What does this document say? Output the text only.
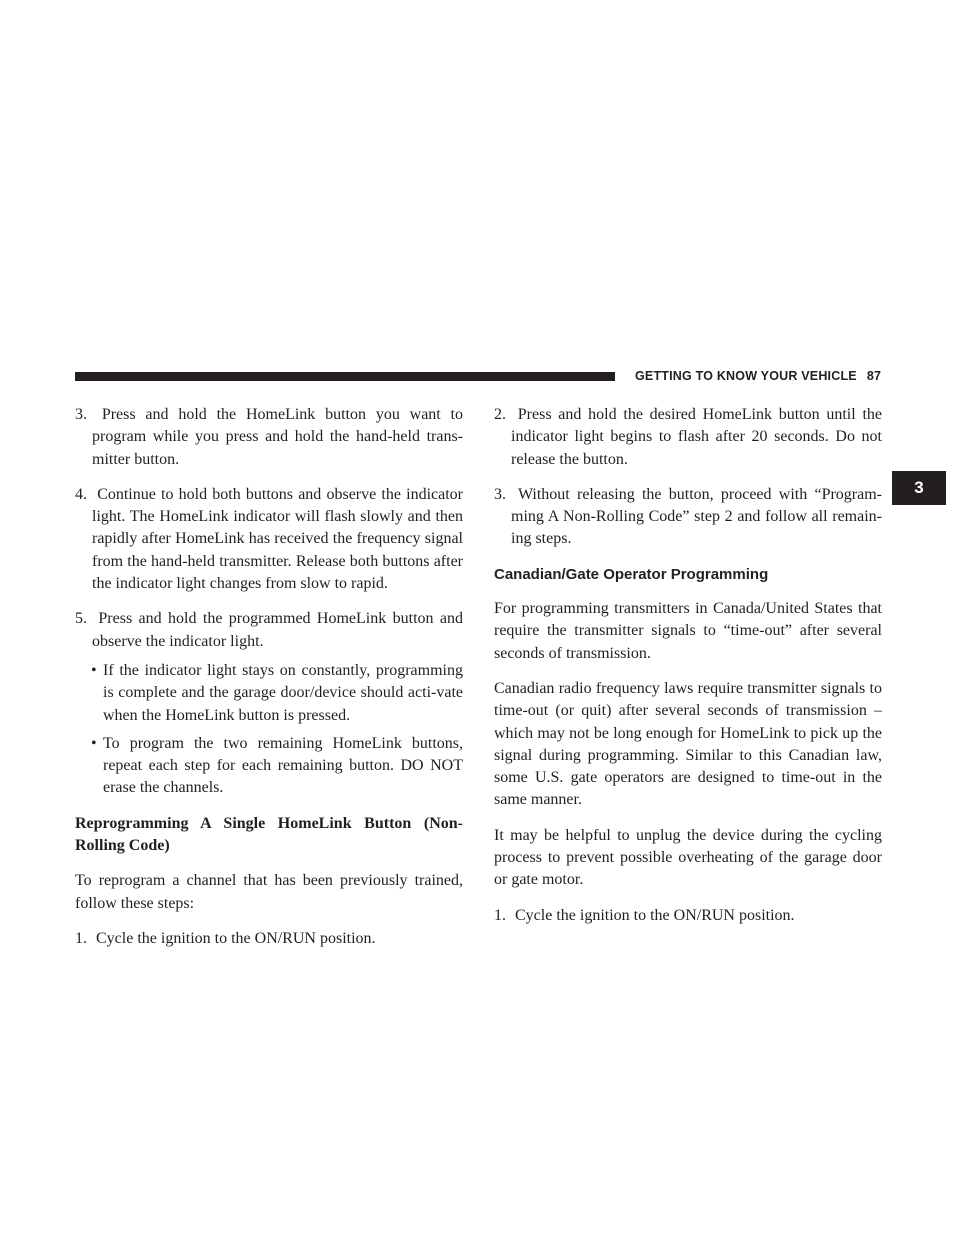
GETTING TO KNOW YOUR VEHICLE 87
3
3. Press and hold the HomeLink button you want to program while you press and hold the hand-held trans-mitter button.
4. Continue to hold both buttons and observe the indicator light. The HomeLink indicator will flash slowly and then rapidly after HomeLink has received the frequency signal from the hand-held transmitter. Release both buttons after the indicator light changes from slow to rapid.
5. Press and hold the programmed HomeLink button and observe the indicator light.
• If the indicator light stays on constantly, programming is complete and the garage door/device should acti-vate when the HomeLink button is pressed.
• To program the two remaining HomeLink buttons, repeat each step for each remaining button. DO NOT erase the channels.
Reprogramming A Single HomeLink Button (Non-Rolling Code)

To reprogram a channel that has been previously trained, follow these steps:

1. Cycle the ignition to the ON/RUN position.
2. Press and hold the desired HomeLink button until the indicator light begins to flash after 20 seconds. Do not release the button.
3. Without releasing the button, proceed with “Program-ming A Non-Rolling Code” step 2 and follow all remain-ing steps.
Canadian/Gate Operator Programming

For programming transmitters in Canada/United States that require the transmitter signals to “time-out” after several seconds of transmission.

Canadian radio frequency laws require transmitter signals to time-out (or quit) after several seconds of transmission – which may not be long enough for HomeLink to pick up the signal during programming. Similar to this Canadian law, some U.S. gate operators are designed to time-out in the same manner.

It may be helpful to unplug the device during the cycling process to prevent possible overheating of the garage door or gate motor.

1. Cycle the ignition to the ON/RUN position.
